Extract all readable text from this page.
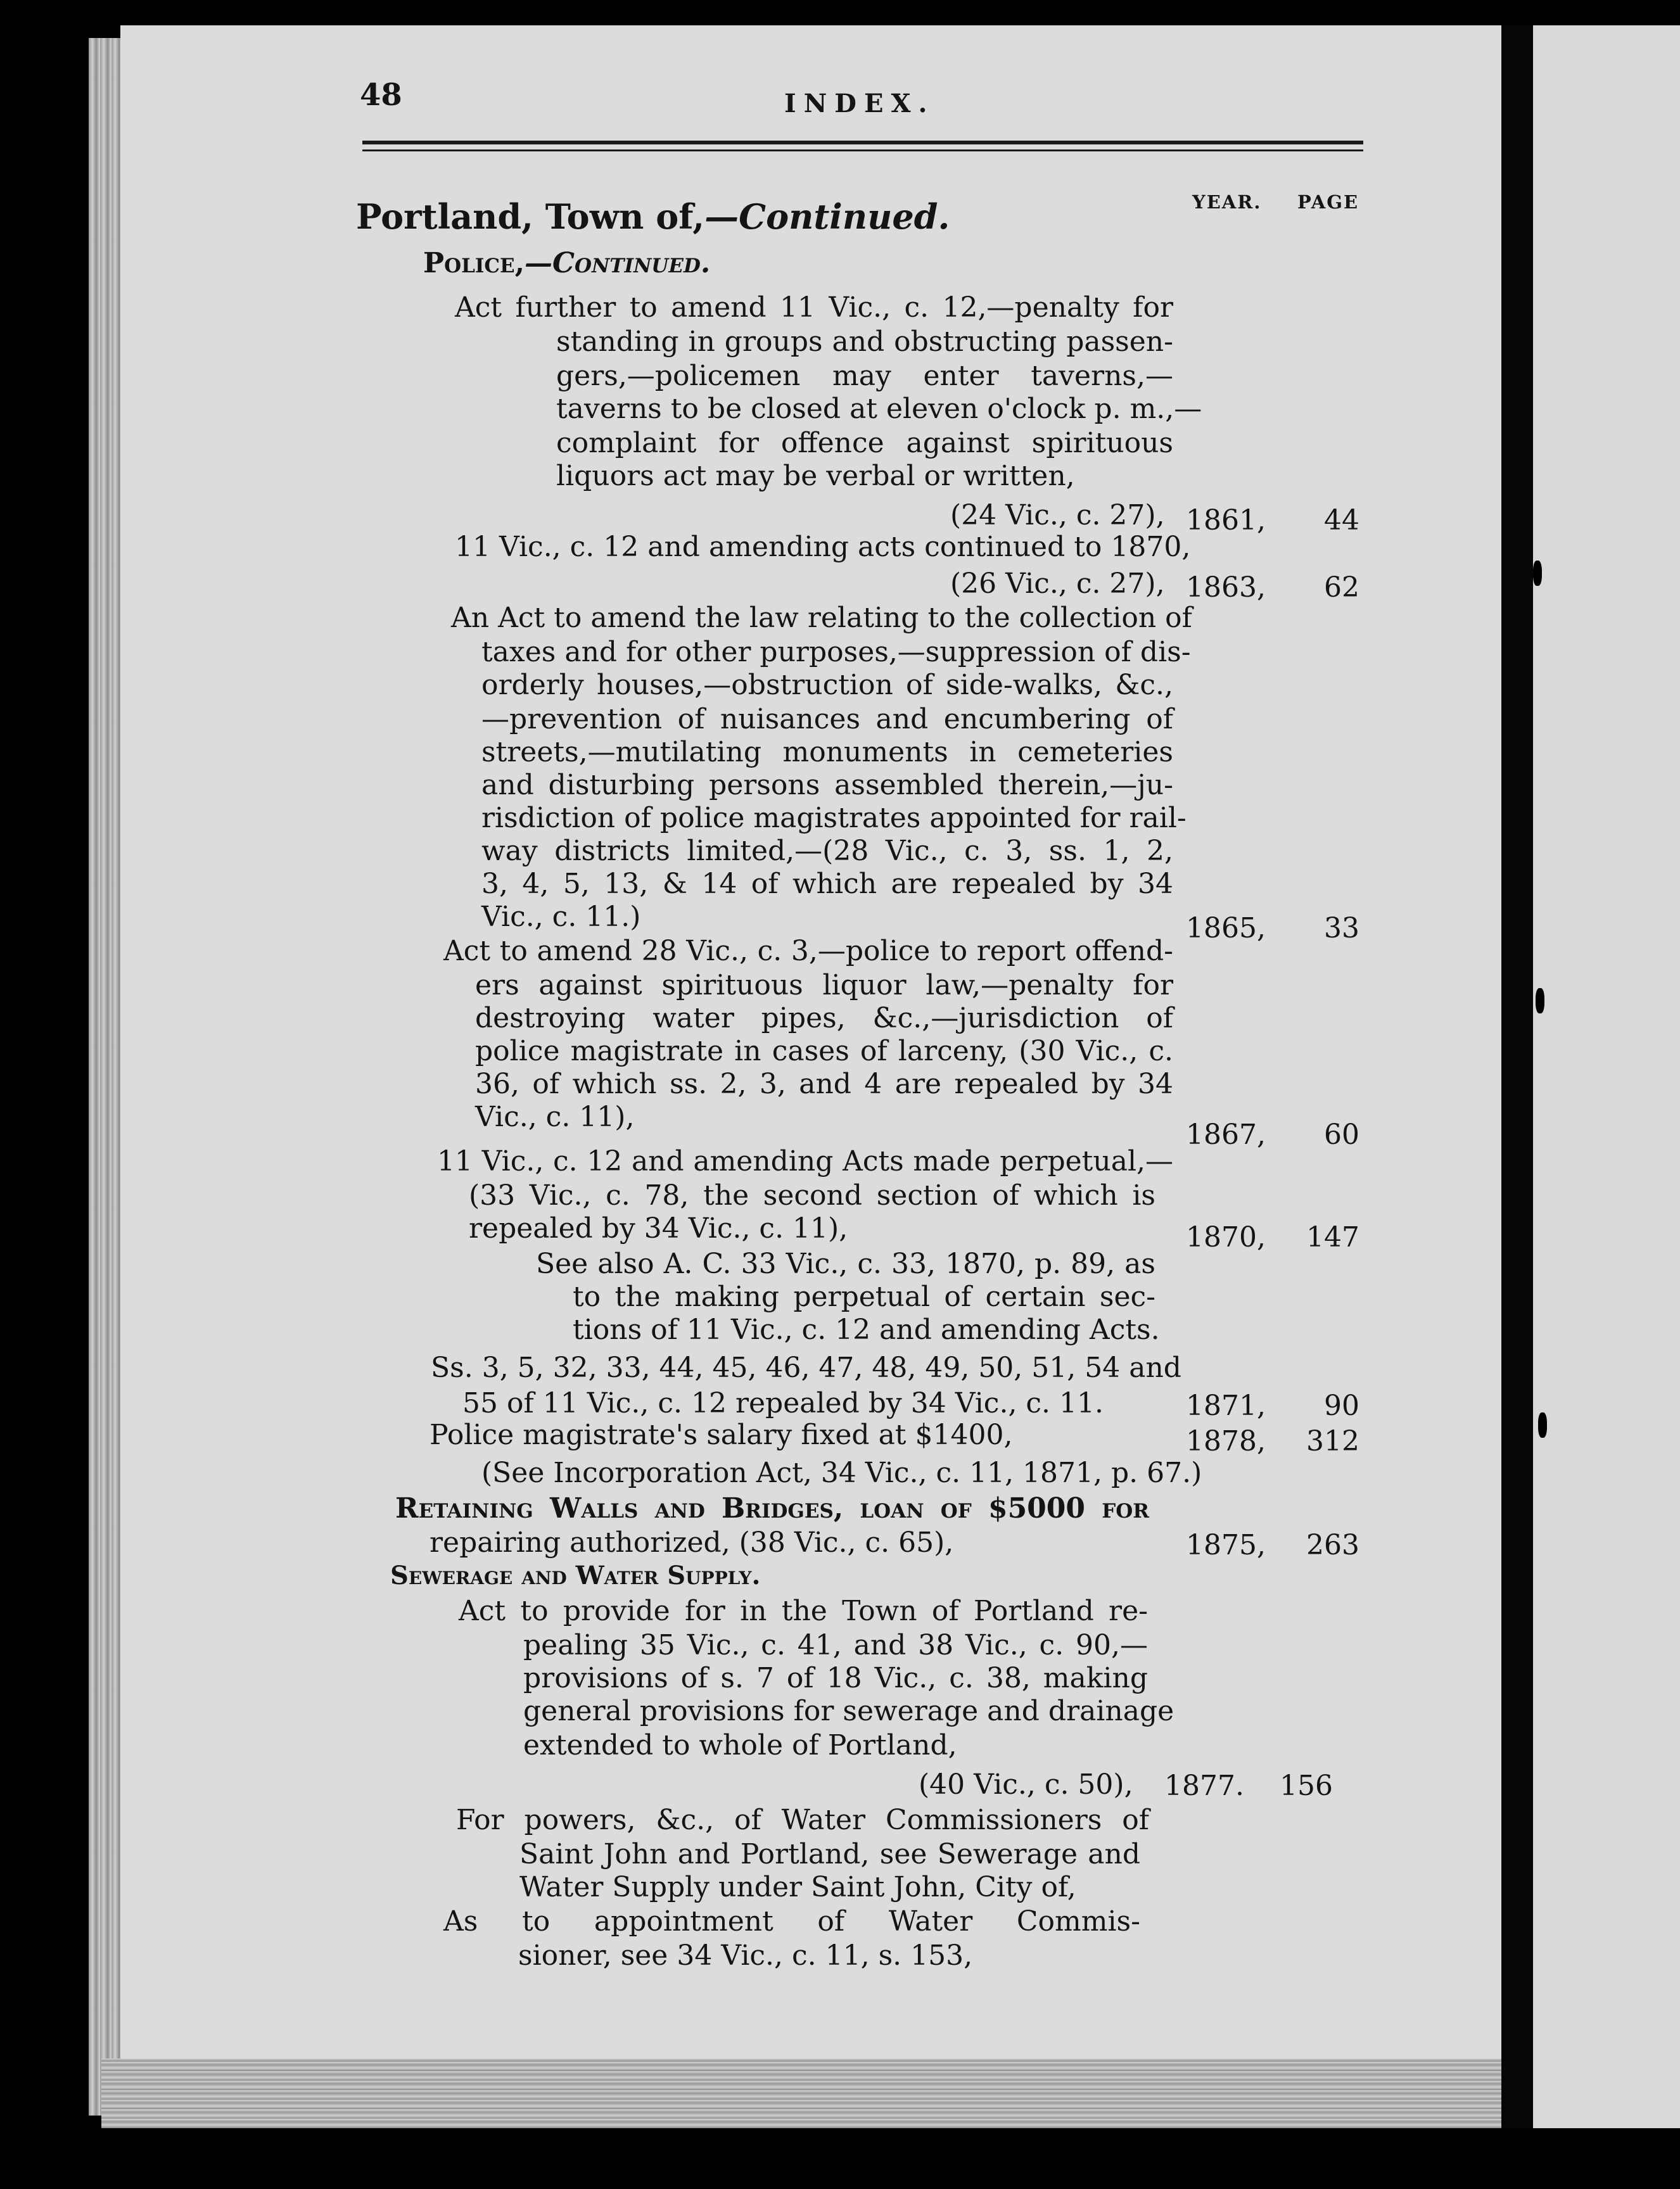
48	INDEX.
YEAR. PAGE
Portland, Town of,—Continued.
Police,—Continued.

Act further to amend 11 Vic., c. 12,—penalty for

standing in groups and obstructing passen-

gers,—policemen may enter taverns,—

taverns to be closed at eleven o'clock p. m.,—

complaint for offence against spirituous

liquors act may be verbal or written,

(24 Vic., c. 27), 1861,	44

11 Vic., c. 12 and amending acts continued to 1870,

(26 Vic., c. 27), 1863,	62

An Act to amend the law relating to the collection of

taxes and for other purposes,—suppression of dis-

orderly houses,—obstruction of side-walks, &c.,

—prevention of nuisances and encumbering of

streets,—mutilating monuments in cemeteries

and disturbing persons assembled therein,—ju-

risdiction of police magistrates appointed for rail-

way districts limited,—(28 Vic., c. 3, ss. 1, 2,

3, 4, 5, 13, & 14 of which are repealed by 34

Vic., c. 11.)	1865,	33

Act to amend 28 Vic., c. 3,—police to report offend-

ers against spirituous liquor law,—penalty for

destroying water pipes, &c.,—jurisdiction of

police magistrate in cases of larceny, (30 Vic., c.

36, of which ss. 2, 3, and 4 are repealed by 34

Vic., c. 11),

1867,	60

11 Vic., c. 12 and amending Acts made perpetual,—

(33 Vic., c. 78, the second section of which is

repealed by 34 Vic., c. 11),	1870,	147

See also A. C. 33 Vic., c. 33, 1870, p. 89, as

to the making perpetual of certain sec-

tions of 11 Vic., c. 12 and amending Acts.

Ss. 3, 5, 32, 33, 44, 45, 46, 47, 48, 49, 50, 51, 54 and

55 of 11 Vic., c. 12 repealed by 34 Vic., c. 11.	1871,	90

Police magistrate's salary fixed at $1400,	1878,	312

(See Incorporation Act, 34 Vic., c. 11, 1871, p. 67.)

Retaining Walls and Bridges, loan of $5000 for

repairing authorized, (38 Vic., c. 65),	1875,	263

Sewerage and Water Supply.

Act to provide for in the Town of Portland re-

pealing 35 Vic., c. 41, and 38 Vic., c. 90,—

provisions of s. 7 of 18 Vic., c. 38, making

general provisions for sewerage and drainage

extended to whole of Portland,

(40 Vic., c. 50),	1877.	156

For powers, &c., of Water Commissioners of

Saint John and Portland, see Sewerage and

Water Supply under Saint John, City of,

As to appointment of Water Commis-

sioner, see 34 Vic., c. 11, s. 153,
